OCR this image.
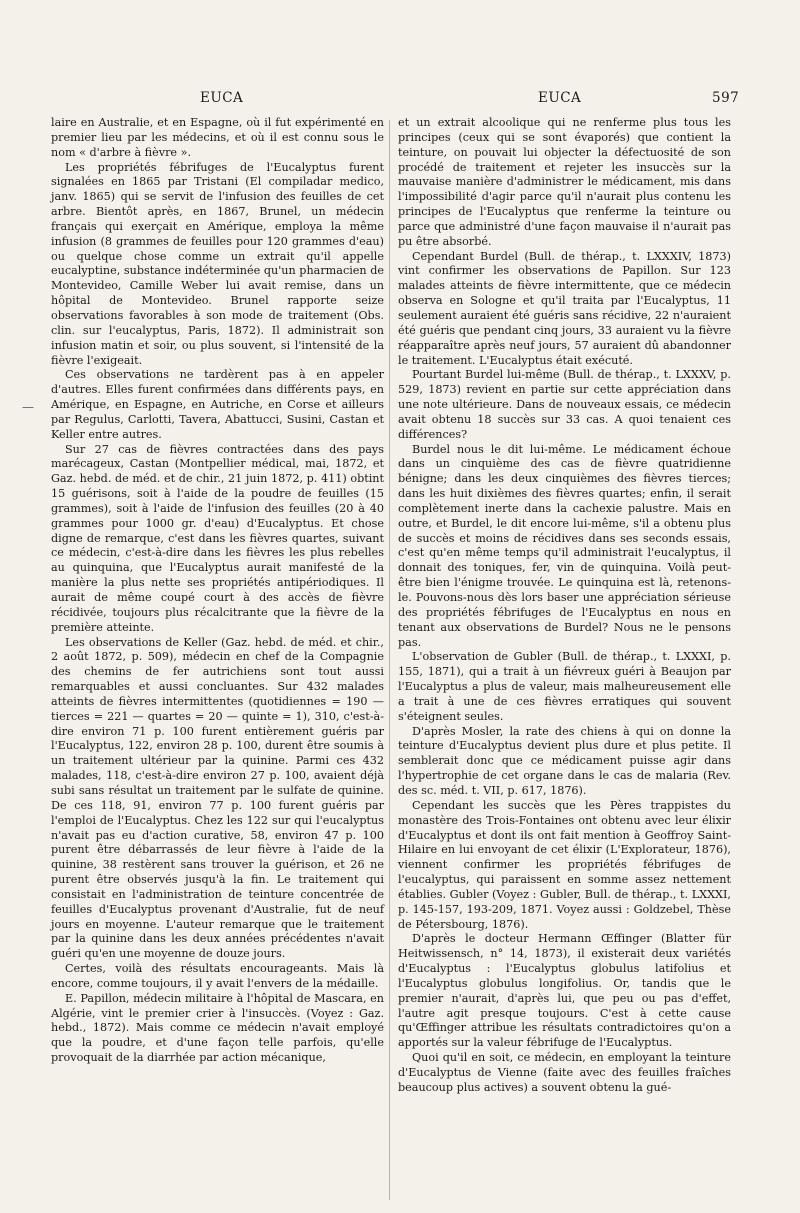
EUCA	EUCA	597
—

laire en Australie, et en Espagne, où il fut expérimenté en premier lieu par les médecins, et où il est connu sous le nom « d'arbre à fièvre ».

Les propriétés fébrifuges de l'Eucalyptus furent signalées en 1865 par Tristani (El compiladar medico, janv. 1865) qui se servit de l'infusion des feuilles de cet arbre. Bientôt après, en 1867, Brunel, un médecin français qui exerçait en Amérique, employa la même infusion (8 grammes de feuilles pour 120 grammes d'eau) ou quelque chose comme un extrait qu'il appelle eucalyptine, substance indéterminée qu'un pharmacien de Montevideo, Camille Weber lui avait remise, dans un hôpital de Montevideo. Brunel rapporte seize observations favorables à son mode de traitement (Obs. clin. sur l'eucalyptus, Paris, 1872). Il administrait son infusion matin et soir, ou plus souvent, si l'intensité de la fièvre l'exigeait.

Ces observations ne tardèrent pas à en appeler d'autres. Elles furent confirmées dans différents pays, en Amérique, en Espagne, en Autriche, en Corse et ailleurs par Regulus, Carlotti, Tavera, Abattucci, Susini, Castan et Keller entre autres.

Sur 27 cas de fièvres contractées dans des pays marécageux, Castan (Montpellier médical, mai, 1872, et Gaz. hebd. de méd. et de chir., 21 juin 1872, p. 411) obtint 15 guérisons, soit à l'aide de la poudre de feuilles (15 grammes), soit à l'aide de l'infusion des feuilles (20 à 40 grammes pour 1000 gr. d'eau) d'Eucalyptus. Et chose digne de remarque, c'est dans les fièvres quartes, suivant ce médecin, c'est-à-dire dans les fièvres les plus rebelles au quinquina, que l'Eucalyptus aurait manifesté de la manière la plus nette ses propriétés antipériodiques. Il aurait de même coupé court à des accès de fièvre récidivée, toujours plus récalcitrante que la fièvre de la première atteinte.

Les observations de Keller (Gaz. hebd. de méd. et chir., 2 août 1872, p. 509), médecin en chef de la Compagnie des chemins de fer autrichiens sont tout aussi remarquables et aussi concluantes. Sur 432 malades atteints de fièvres intermittentes (quotidiennes = 190 — tierces = 221 — quartes = 20 — quinte = 1), 310, c'est-à-dire environ 71 p. 100 furent entièrement guéris par l'Eucalyptus, 122, environ 28 p. 100, durent être soumis à un traitement ultérieur par la quinine. Parmi ces 432 malades, 118, c'est-à-dire environ 27 p. 100, avaient déjà subi sans résultat un traitement par le sulfate de quinine. De ces 118, 91, environ 77 p. 100 furent guéris par l'emploi de l'Eucalyptus. Chez les 122 sur qui l'eucalyptus n'avait pas eu d'action curative, 58, environ 47 p. 100 purent être débarrassés de leur fièvre à l'aide de la quinine, 38 restèrent sans trouver la guérison, et 26 ne purent être observés jusqu'à la fin. Le traitement qui consistait en l'administration de teinture concentrée de feuilles d'Eucalyptus provenant d'Australie, fut de neuf jours en moyenne. L'auteur remarque que le traitement par la quinine dans les deux années précédentes n'avait guéri qu'en une moyenne de douze jours.

Certes, voilà des résultats encourageants. Mais là encore, comme toujours, il y avait l'envers de la médaille.

E. Papillon, médecin militaire à l'hôpital de Mascara, en Algérie, vint le premier crier à l'insuccès. (Voyez : Gaz. hebd., 1872). Mais comme ce médecin n'avait employé que la poudre, et d'une façon telle parfois, qu'elle provoquait de la diarrhée par action mécanique,

et un extrait alcoolique qui ne renferme plus tous les principes (ceux qui se sont évaporés) que contient la teinture, on pouvait lui objecter la défectuosité de son procédé de traitement et rejeter les insuccès sur la mauvaise manière d'administrer le médicament, mis dans l'impossibilité d'agir parce qu'il n'aurait plus contenu les principes de l'Eucalyptus que renferme la teinture ou parce que administré d'une façon mauvaise il n'aurait pas pu être absorbé.

Cependant Burdel (Bull. de thérap., t. LXXXIV, 1873) vint confirmer les observations de Papillon. Sur 123 malades atteints de fièvre intermittente, que ce médecin observa en Sologne et qu'il traita par l'Eucalyptus, 11 seulement auraient été guéris sans récidive, 22 n'auraient été guéris que pendant cinq jours, 33 auraient vu la fièvre réapparaître après neuf jours, 57 auraient dû abandonner le traitement. L'Eucalyptus était exécuté.

Pourtant Burdel lui-même (Bull. de thérap., t. LXXXV, p. 529, 1873) revient en partie sur cette appréciation dans une note ultérieure. Dans de nouveaux essais, ce médecin avait obtenu 18 succès sur 33 cas. A quoi tenaient ces différences?

Burdel nous le dit lui-même. Le médicament échoue dans un cinquième des cas de fièvre quatridienne bénigne; dans les deux cinquièmes des fièvres tierces; dans les huit dixièmes des fièvres quartes; enfin, il serait complètement inerte dans la cachexie palustre. Mais en outre, et Burdel, le dit encore lui-même, s'il a obtenu plus de succès et moins de récidives dans ses seconds essais, c'est qu'en même temps qu'il administrait l'eucalyptus, il donnait des toniques, fer, vin de quinquina. Voilà peut-être bien l'énigme trouvée. Le quinquina est là, retenons-le. Pouvons-nous dès lors baser une appréciation sérieuse des propriétés fébrifuges de l'Eucalyptus en nous en tenant aux observations de Burdel? Nous ne le pensons pas.

L'observation de Gubler (Bull. de thérap., t. LXXXI, p. 155, 1871), qui a trait à un fiévreux guéri à Beaujon par l'Eucalyptus a plus de valeur, mais malheureusement elle a trait à une de ces fièvres erratiques qui souvent s'éteignent seules.

D'après Mosler, la rate des chiens à qui on donne la teinture d'Eucalyptus devient plus dure et plus petite. Il semblerait donc que ce médicament puisse agir dans l'hypertrophie de cet organe dans le cas de malaria (Rev. des sc. méd. t. VII, p. 617, 1876).

Cependant les succès que les Pères trappistes du monastère des Trois-Fontaines ont obtenu avec leur élixir d'Eucalyptus et dont ils ont fait mention à Geoffroy Saint-Hilaire en lui envoyant de cet élixir (L'Explorateur, 1876), viennent confirmer les propriétés fébrifuges de l'eucalyptus, qui paraissent en somme assez nettement établies. Gubler (Voyez : Gubler, Bull. de thérap., t. LXXXI, p. 145-157, 193-209, 1871. Voyez aussi : Goldzebel, Thèse de Pétersbourg, 1876).

D'après le docteur Hermann Œffinger (Blatter für Heitwissensch, n° 14, 1873), il existerait deux variétés d'Eucalyptus : l'Eucalyptus globulus latifolius et l'Eucalyptus globulus longifolius. Or, tandis que le premier n'aurait, d'après lui, que peu ou pas d'effet, l'autre agit presque toujours. C'est à cette cause qu'Œffinger attribue les résultats contradictoires qu'on a apportés sur la valeur fébrifuge de l'Eucalyptus.

Quoi qu'il en soit, ce médecin, en employant la teinture d'Eucalyptus de Vienne (faite avec des feuilles fraîches beaucoup plus actives) a souvent obtenu la gué-
